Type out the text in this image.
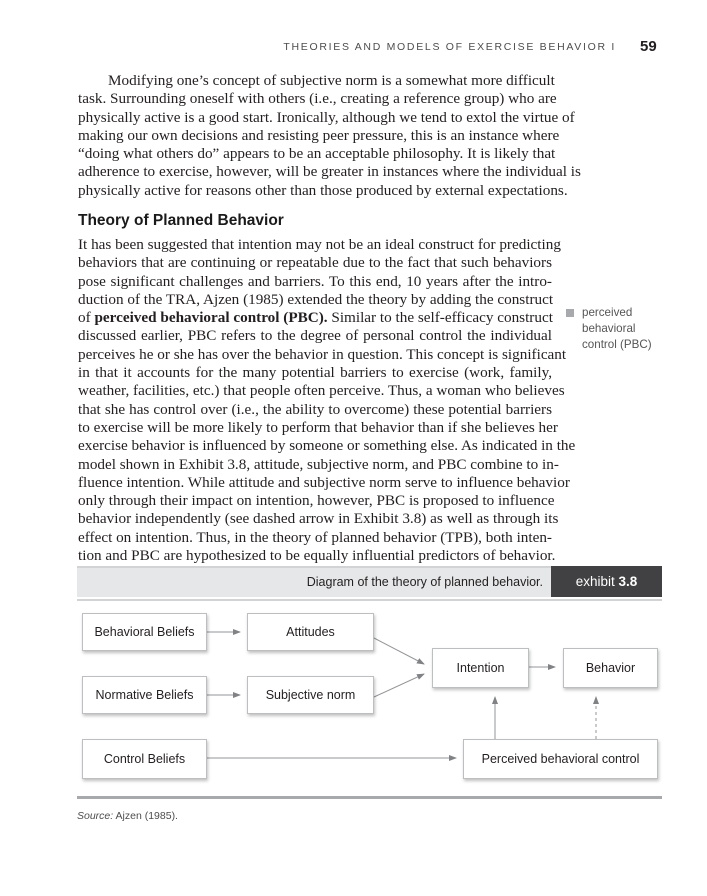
THEORIES AND MODELS OF EXERCISE BEHAVIOR I 59
Modifying one’s concept of subjective norm is a somewhat more difficult
task. Surrounding oneself with others (i.e., creating a reference group) who are
physically active is a good start. Ironically, although we tend to extol the virtue of
making our own decisions and resisting peer pressure, this is an instance where
“doing what others do” appears to be an acceptable philosophy. It is likely that
adherence to exercise, however, will be greater in instances where the individual is
physically active for reasons other than those produced by external expectations.
Theory of Planned Behavior
It has been suggested that intention may not be an ideal construct for predicting
behaviors that are continuing or repeatable due to the fact that such behaviors
pose significant challenges and barriers. To this end, 10 years after the intro-
duction of the TRA, Ajzen (1985) extended the theory by adding the construct
of perceived behavioral control (PBC). Similar to the self-efficacy construct
discussed earlier, PBC refers to the degree of personal control the individual
perceives he or she has over the behavior in question. This concept is significant
in that it accounts for the many potential barriers to exercise (work, family,
weather, facilities, etc.) that people often perceive. Thus, a woman who believes
that she has control over (i.e., the ability to overcome) these potential barriers
to exercise will be more likely to perform that behavior than if she believes her
exercise behavior is influenced by someone or something else. As indicated in the
model shown in Exhibit 3.8, attitude, subjective norm, and PBC combine to in-
fluence intention. While attitude and subjective norm serve to influence behavior
only through their impact on intention, however, PBC is proposed to influence
behavior independently (see dashed arrow in Exhibit 3.8) as well as through its
effect on intention. Thus, in the theory of planned behavior (TPB), both inten-
tion and PBC are hypothesized to be equally influential predictors of behavior.
perceived
behavioral
control (PBC)
Diagram of the theory of planned behavior.	exhibit 3.8
Behavioral Beliefs	Attitudes
Normative Beliefs	Subjective norm
Intention	Behavior
Control Beliefs	Perceived behavioral control
Source: Ajzen (1985).
